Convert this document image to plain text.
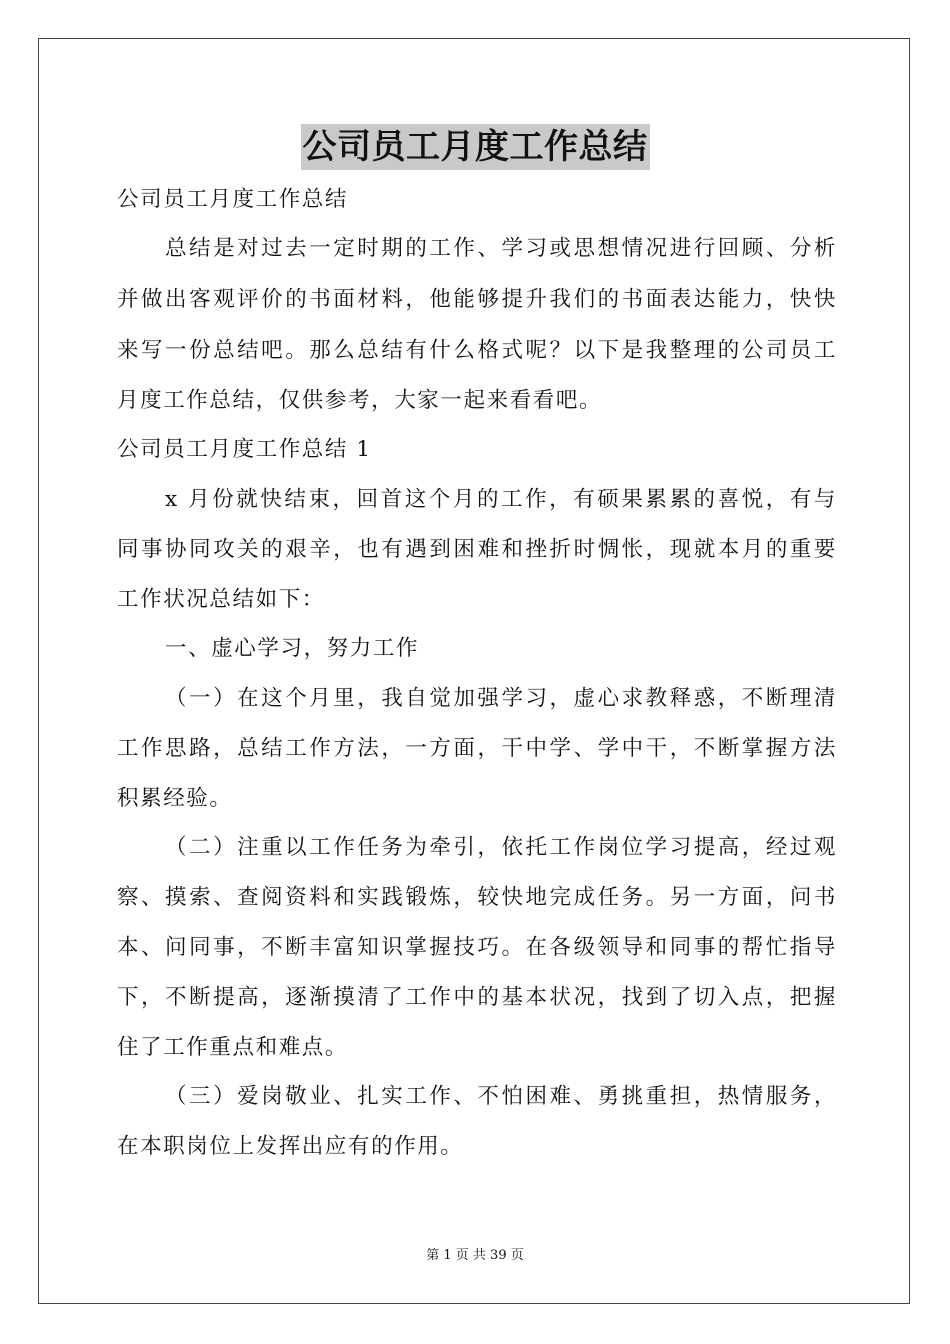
公司员工月度工作总结
公司员工月度工作总结
总结是对过去一定时期的工作、学习或思想情况进行回顾、分析
并做出客观评价的书面材料，他能够提升我们的书面表达能力，快快
来写一份总结吧。那么总结有什么格式呢？以下是我整理的公司员工
月度工作总结，仅供参考，大家一起来看看吧。
公司员工月度工作总结 1
x 月份就快结束，回首这个月的工作，有硕果累累的喜悦，有与
同事协同攻关的艰辛，也有遇到困难和挫折时惆怅，现就本月的重要
工作状况总结如下：
一、虚心学习，努力工作
（一）在这个月里，我自觉加强学习，虚心求教释惑，不断理清
工作思路，总结工作方法，一方面，干中学、学中干，不断掌握方法
积累经验。
（二）注重以工作任务为牵引，依托工作岗位学习提高，经过观
察、摸索、查阅资料和实践锻炼，较快地完成任务。另一方面，问书
本、问同事，不断丰富知识掌握技巧。在各级领导和同事的帮忙指导
下，不断提高，逐渐摸清了工作中的基本状况，找到了切入点，把握
住了工作重点和难点。
（三）爱岗敬业、扎实工作、不怕困难、勇挑重担，热情服务，
在本职岗位上发挥出应有的作用。
第 1 页 共 39 页
